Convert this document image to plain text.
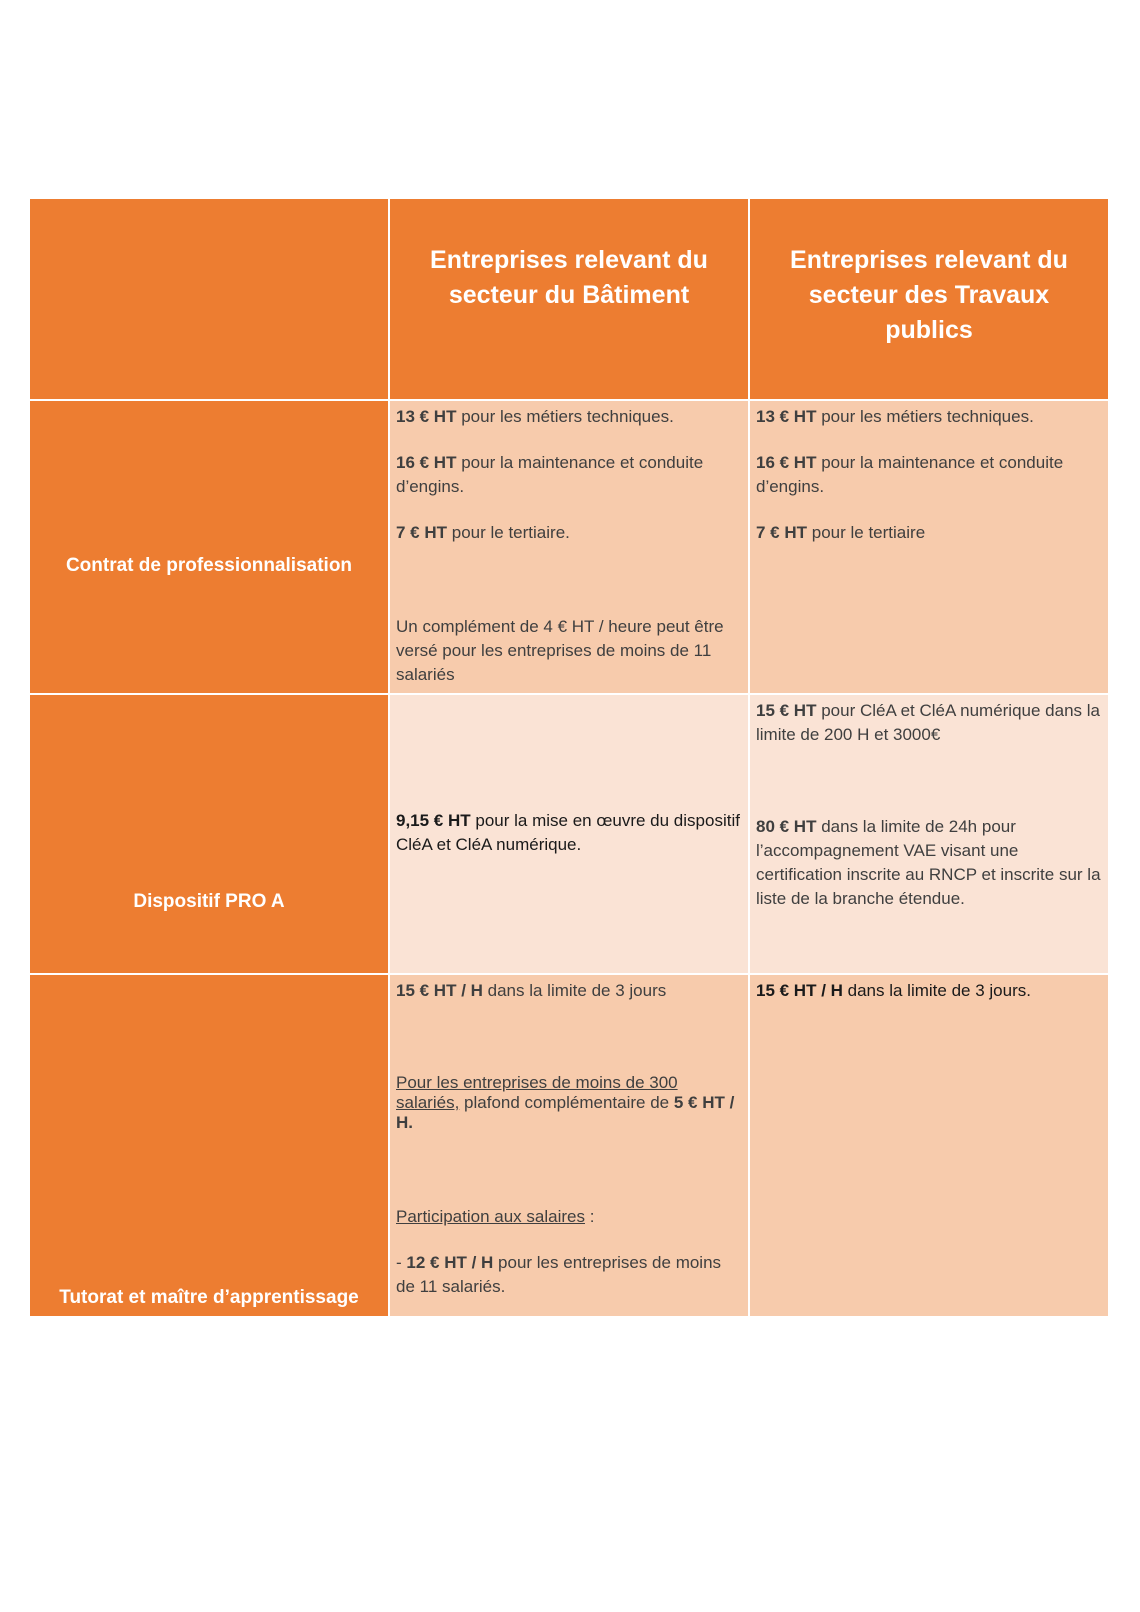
Entreprises relevant du secteur du Bâtiment
Entreprises relevant du secteur des Travaux publics
Contrat de professionnalisation

13 € HT pour les métiers techniques.

16 € HT pour la maintenance et conduite d’engins.

7 € HT pour le tertiaire.

Un complément de 4 € HT / heure peut être versé pour les entreprises de moins de 11 salariés

13 € HT pour les métiers techniques.

16 € HT pour la maintenance et conduite d’engins.

7 € HT pour le tertiaire

Dispositif PRO A

9,15 € HT pour la mise en œuvre du dispositif CléA et CléA numérique.

15 € HT pour CléA et CléA numérique dans la limite de 200 H et 3000€

80 € HT dans la limite de 24h pour l’accompagnement VAE visant une certification inscrite au RNCP et inscrite sur la liste de la branche étendue.

Tutorat et maître d’apprentissage

15 € HT / H dans la limite de 3 jours

Pour les entreprises de moins de 300 salariés, plafond complémentaire de 5 € HT / H.

Participation aux salaires :

- 12 € HT / H pour les entreprises de moins de 11 salariés.

15 € HT / H dans la limite de 3 jours.
